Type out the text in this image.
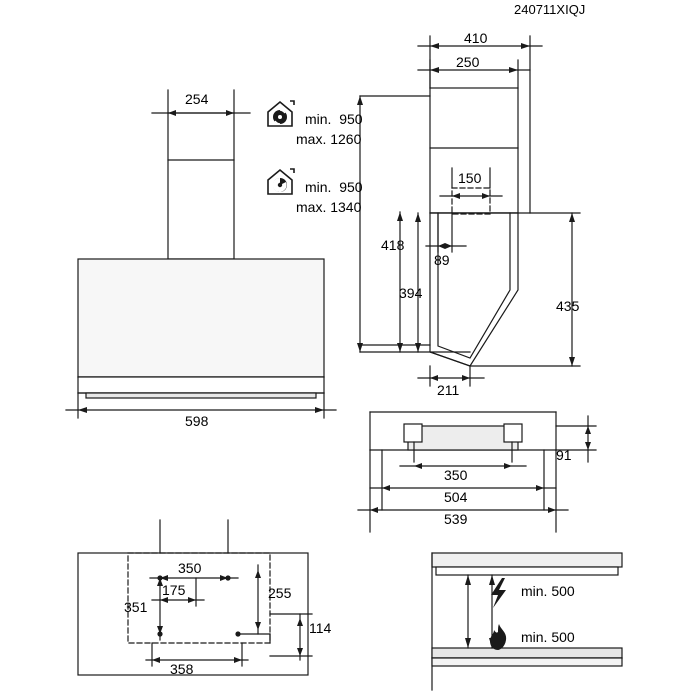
240711XIQJ
254
598
min.  950
max. 1260
min.  950
max. 1340
410
250
150
89
418
394
435
211
350
504
539
91
350
175
351
255
114
358
min. 500
min. 500
